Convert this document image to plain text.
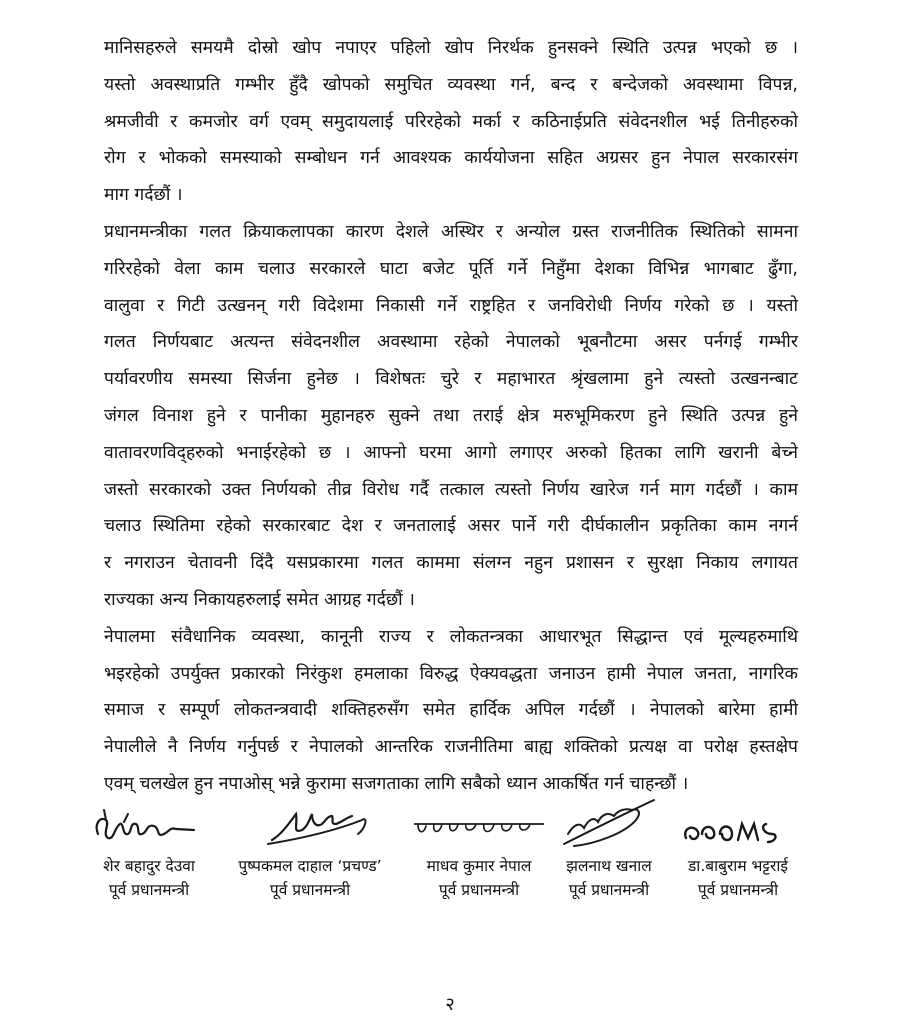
मानिसहरुले समयमै दोस्रो खोप नपाएर पहिलो खोप निरर्थक हुनसक्ने स्थिति उत्पन्न भएको छ ।

यस्तो अवस्थाप्रति गम्भीर हुँदै खोपको समुचित व्यवस्था गर्न, बन्द र बन्देजको अवस्थामा विपन्न,

श्रमजीवी र कमजोर वर्ग एवम् समुदायलाई परिरहेको मर्का र कठिनाईप्रति संवेदनशील भई तिनीहरुको

रोग र भोकको समस्याको सम्बोधन गर्न आवश्यक कार्ययोजना सहित अग्रसर हुन नेपाल सरकारसंग

माग गर्दछौं ।

प्रधानमन्त्रीका गलत क्रियाकलापका कारण देशले अस्थिर र अन्योल ग्रस्त राजनीतिक स्थितिको सामना

गरिरहेको वेला काम चलाउ सरकारले घाटा बजेट पूर्ति गर्ने निहुँमा देशका विभिन्न भागबाट ढुँगा,

वालुवा र गिटी उत्खनन् गरी विदेशमा निकासी गर्ने राष्ट्रहित र जनविरोधी निर्णय गरेको छ । यस्तो

गलत निर्णयबाट अत्यन्त संवेदनशील अवस्थामा रहेको नेपालको भूबनौटमा असर पर्नगई गम्भीर

पर्यावरणीय समस्या सिर्जना हुनेछ । विशेषतः चुरे र महाभारत श्रृंखलामा हुने त्यस्तो उत्खनन्बाट

जंगल विनाश हुने र पानीका मुहानहरु सुक्ने तथा तराई क्षेत्र मरुभूमिकरण हुने स्थिति उत्पन्न हुने

वातावरणविद्हरुको भनाईरहेको छ । आफ्नो घरमा आगो लगाएर अरुको हितका लागि खरानी बेच्ने

जस्तो सरकारको उक्त निर्णयको तीव्र विरोध गर्दै तत्काल त्यस्तो निर्णय खारेज गर्न माग गर्दछौं । काम

चलाउ स्थितिमा रहेको सरकारबाट देश र जनतालाई असर पार्ने गरी दीर्घकालीन प्रकृतिका काम नगर्न

र नगराउन चेतावनी दिंदै यसप्रकारमा गलत काममा संलग्न नहुन प्रशासन र सुरक्षा निकाय लगायत

राज्यका अन्य निकायहरुलाई समेत आग्रह गर्दछौं ।

नेपालमा संवैधानिक व्यवस्था, कानूनी राज्य र लोकतन्त्रका आधारभूत सिद्धान्त एवं मूल्यहरुमाथि

भइरहेको उपर्युक्त प्रकारको निरंकुश हमलाका विरुद्ध ऐक्यवद्धता जनाउन हामी नेपाल जनता, नागरिक

समाज र सम्पूर्ण लोकतन्त्रवादी शक्तिहरुसँग समेत हार्दिक अपिल गर्दछौं । नेपालको बारेमा हामी

नेपालीले नै निर्णय गर्नुपर्छ र नेपालको आन्तरिक राजनीतिमा बाह्य शक्तिको प्रत्यक्ष वा परोक्ष हस्तक्षेप

एवम् चलखेल हुन नपाओस् भन्ने कुरामा सजगताका लागि सबैको ध्यान आकर्षित गर्न चाहन्छौं ।

शेर बहादुर देउवा
पूर्व प्रधानमन्त्री
पुष्पकमल दाहाल ‘प्रचण्ड’
पूर्व प्रधानमन्त्री
माधव कुमार नेपाल
पूर्व प्रधानमन्त्री
झलनाथ खनाल
पूर्व प्रधानमन्त्री
डा.बाबुराम भट्टराई
पूर्व प्रधानमन्त्री
२
